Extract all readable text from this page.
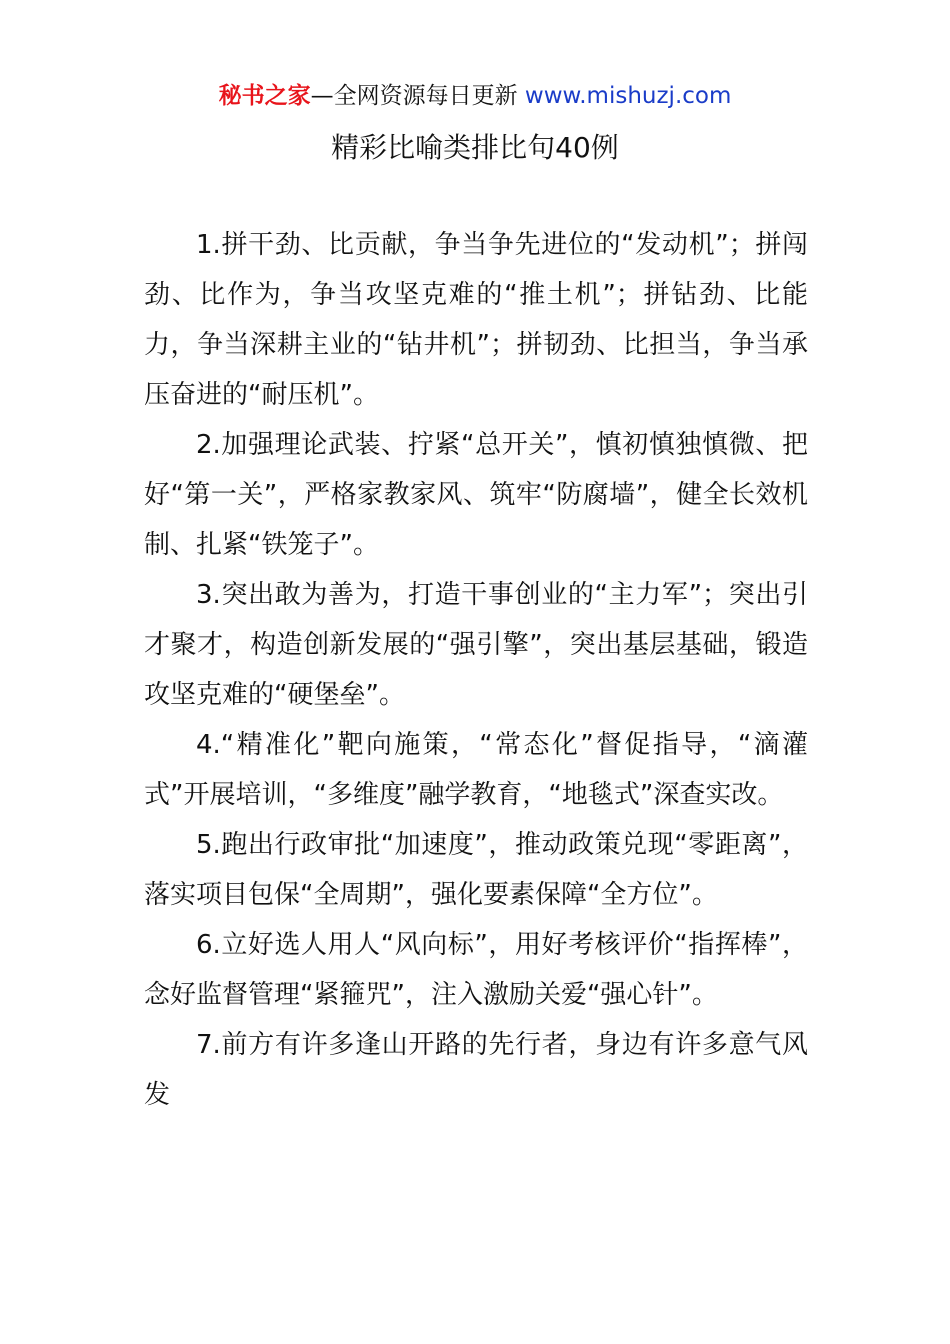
秘书之家—全网资源每日更新 www.mishuzj.com
精彩比喻类排比句40例

1.拼干劲、比贡献，争当争先进位的“发动机”；拼闯劲、比作为，争当攻坚克难的“推土机”；拼钻劲、比能力，争当深耕主业的“钻井机”；拼韧劲、比担当，争当承压奋进的“耐压机”。

2.加强理论武装、拧紧“总开关”，慎初慎独慎微、把好“第一关”，严格家教家风、筑牢“防腐墙”，健全长效机制、扎紧“铁笼子”。

3.突出敢为善为，打造干事创业的“主力军”；突出引才聚才，构造创新发展的“强引擎”，突出基层基础，锻造攻坚克难的“硬堡垒”。

4.“精准化”靶向施策，“常态化”督促指导，“滴灌式”开展培训，“多维度”融学教育，“地毯式”深查实改。

5.跑出行政审批“加速度”，推动政策兑现“零距离”，落实项目包保“全周期”，强化要素保障“全方位”。

6.立好选人用人“风向标”，用好考核评价“指挥棒”，念好监督管理“紧箍咒”，注入激励关爱“强心针”。

7.前方有许多逢山开路的先行者，身边有许多意气风发
